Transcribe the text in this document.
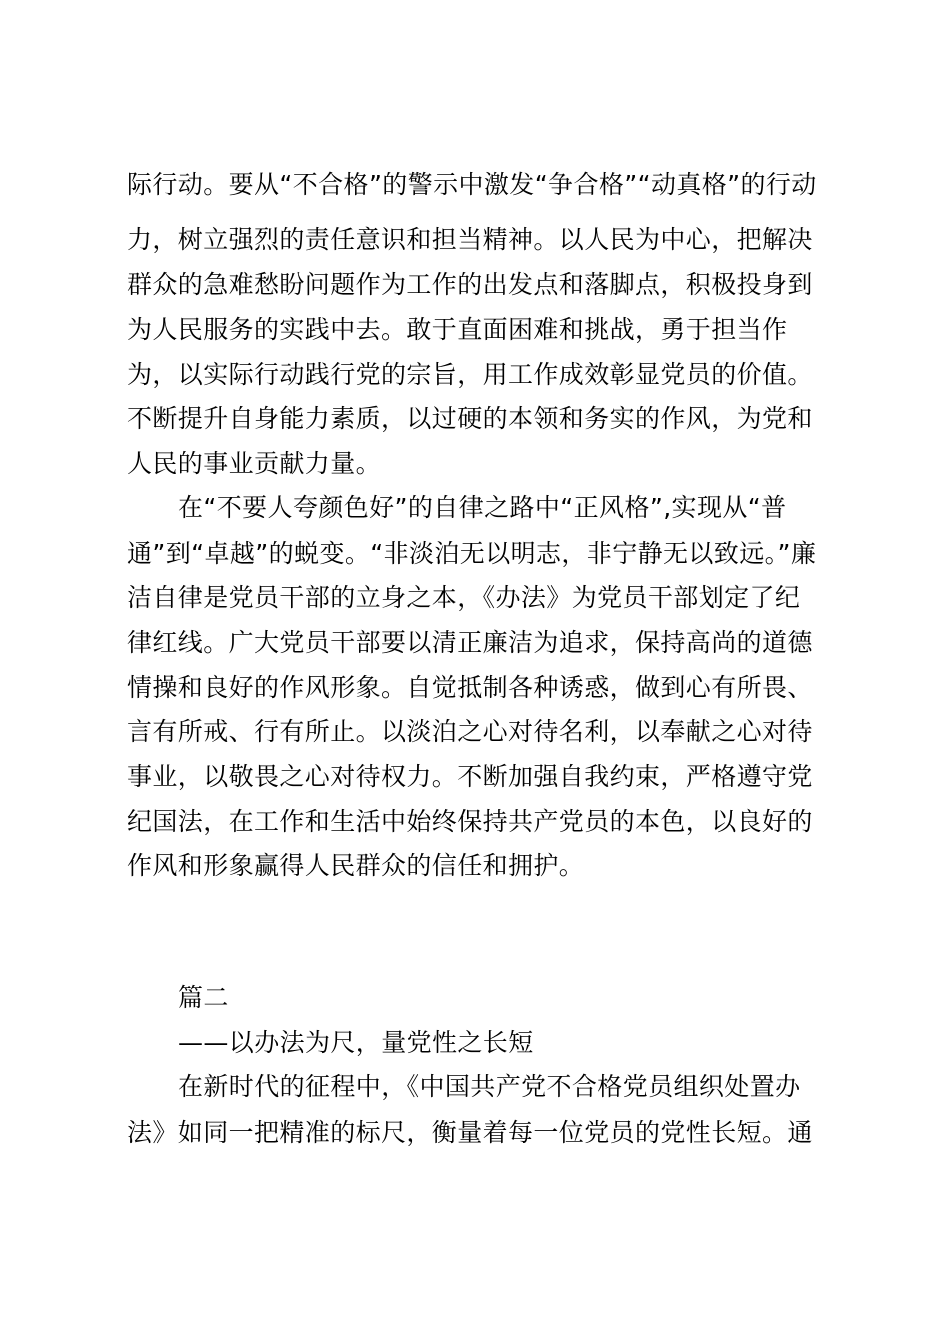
际行动。要从“不合格”的警示中激发“争合格”“动真格”的行动
力，树立强烈的责任意识和担当精神。以人民为中心，把解决
群众的急难愁盼问题作为工作的出发点和落脚点，积极投身到
为人民服务的实践中去。敢于直面困难和挑战，勇于担当作
为，以实际行动践行党的宗旨，用工作成效彰显党员的价值。
不断提升自身能力素质，以过硬的本领和务实的作风，为党和
人民的事业贡献力量。
在“不要人夸颜色好”的自律之路中“正风格”,实现从“普
通”到“卓越”的蜕变。“非淡泊无以明志，非宁静无以致远。”廉
洁自律是党员干部的立身之本，《办法》为党员干部划定了纪
律红线。广大党员干部要以清正廉洁为追求，保持高尚的道德
情操和良好的作风形象。自觉抵制各种诱惑，做到心有所畏、
言有所戒、行有所止。以淡泊之心对待名利，以奉献之心对待
事业，以敬畏之心对待权力。不断加强自我约束，严格遵守党
纪国法，在工作和生活中始终保持共产党员的本色，以良好的
作风和形象赢得人民群众的信任和拥护。
篇二
——以办法为尺，量党性之长短
在新时代的征程中，《中国共产党不合格党员组织处置办
法》如同一把精准的标尺，衡量着每一位党员的党性长短。通
